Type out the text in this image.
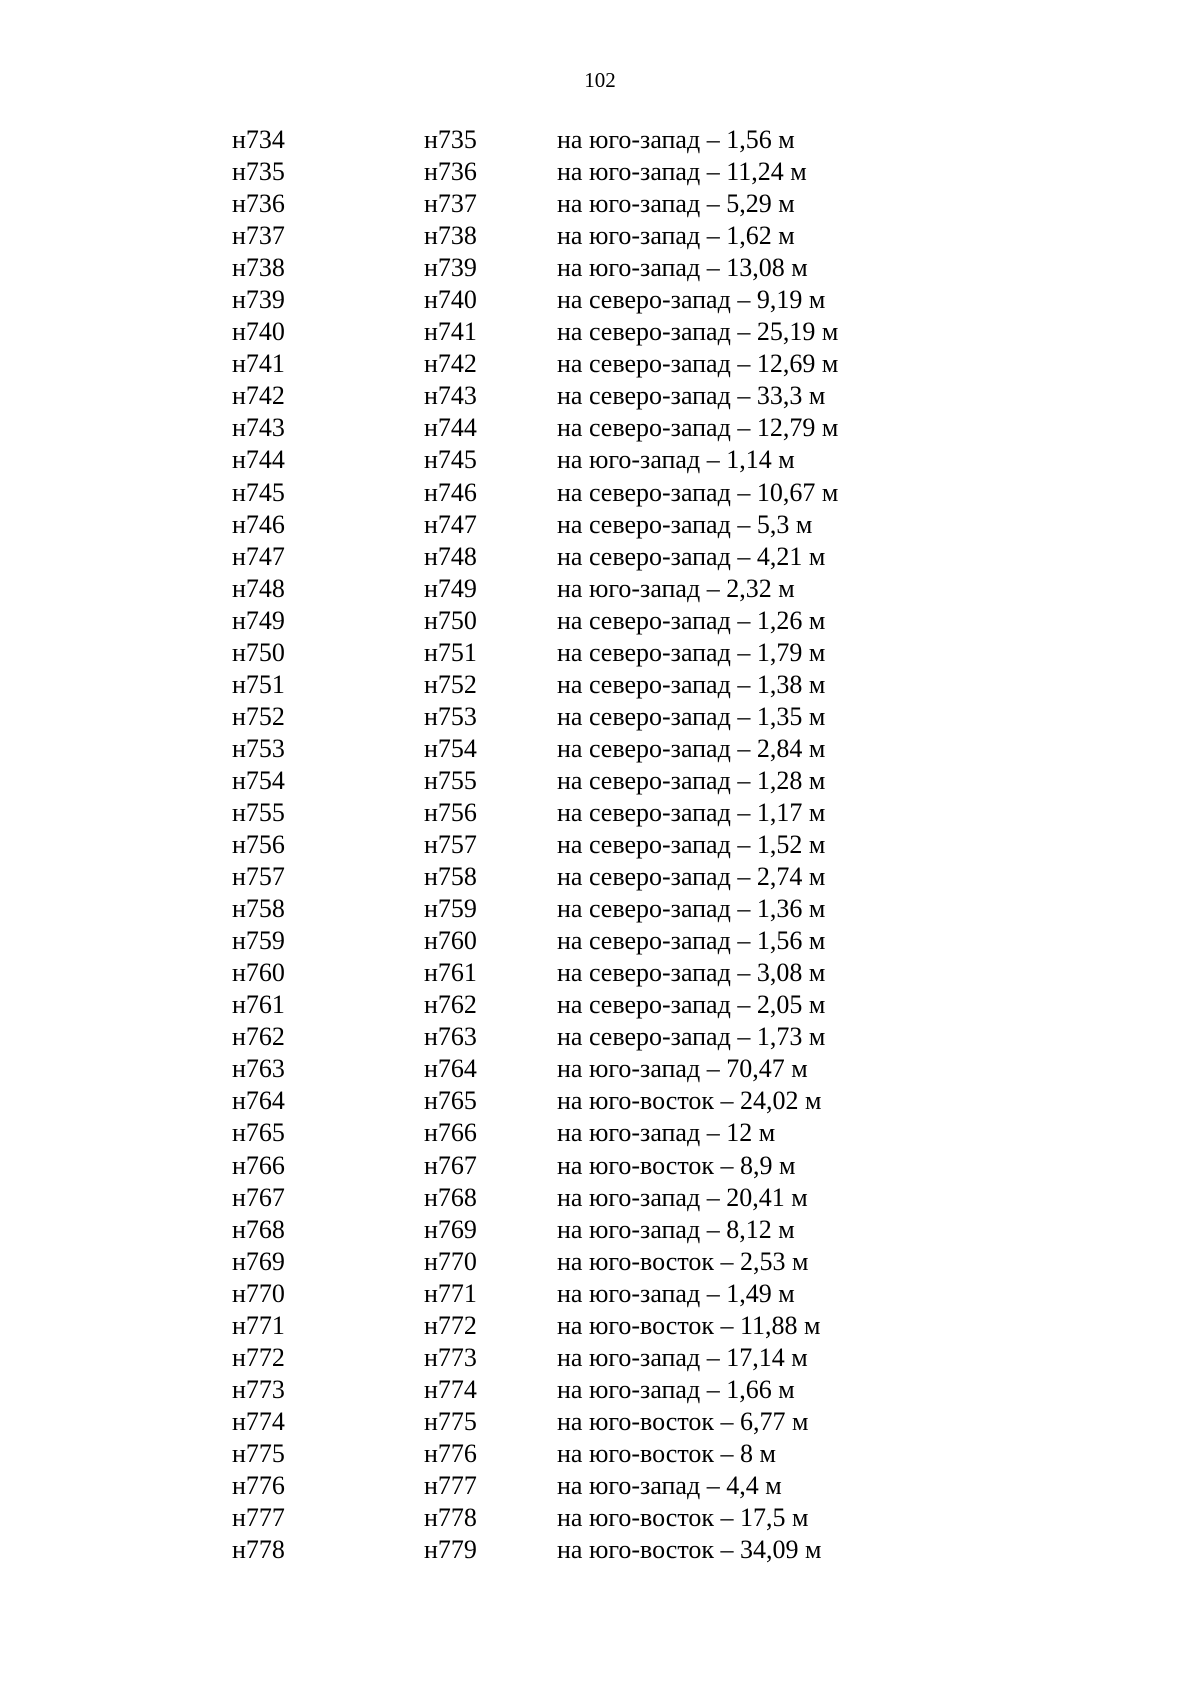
102
н734	н735	на юго-запад – 1,56 м
н735	н736	на юго-запад – 11,24 м
н736	н737	на юго-запад – 5,29 м
н737	н738	на юго-запад – 1,62 м
н738	н739	на юго-запад – 13,08 м
н739	н740	на северо-запад – 9,19 м
н740	н741	на северо-запад – 25,19 м
н741	н742	на северо-запад – 12,69 м
н742	н743	на северо-запад – 33,3 м
н743	н744	на северо-запад – 12,79 м
н744	н745	на юго-запад – 1,14 м
н745	н746	на северо-запад – 10,67 м
н746	н747	на северо-запад – 5,3 м
н747	н748	на северо-запад – 4,21 м
н748	н749	на юго-запад – 2,32 м
н749	н750	на северо-запад – 1,26 м
н750	н751	на северо-запад – 1,79 м
н751	н752	на северо-запад – 1,38 м
н752	н753	на северо-запад – 1,35 м
н753	н754	на северо-запад – 2,84 м
н754	н755	на северо-запад – 1,28 м
н755	н756	на северо-запад – 1,17 м
н756	н757	на северо-запад – 1,52 м
н757	н758	на северо-запад – 2,74 м
н758	н759	на северо-запад – 1,36 м
н759	н760	на северо-запад – 1,56 м
н760	н761	на северо-запад – 3,08 м
н761	н762	на северо-запад – 2,05 м
н762	н763	на северо-запад – 1,73 м
н763	н764	на юго-запад – 70,47 м
н764	н765	на юго-восток – 24,02 м
н765	н766	на юго-запад – 12 м
н766	н767	на юго-восток – 8,9 м
н767	н768	на юго-запад – 20,41 м
н768	н769	на юго-запад – 8,12 м
н769	н770	на юго-восток – 2,53 м
н770	н771	на юго-запад – 1,49 м
н771	н772	на юго-восток – 11,88 м
н772	н773	на юго-запад – 17,14 м
н773	н774	на юго-запад – 1,66 м
н774	н775	на юго-восток – 6,77 м
н775	н776	на юго-восток – 8 м
н776	н777	на юго-запад – 4,4 м
н777	н778	на юго-восток – 17,5 м
н778	н779	на юго-восток – 34,09 м
